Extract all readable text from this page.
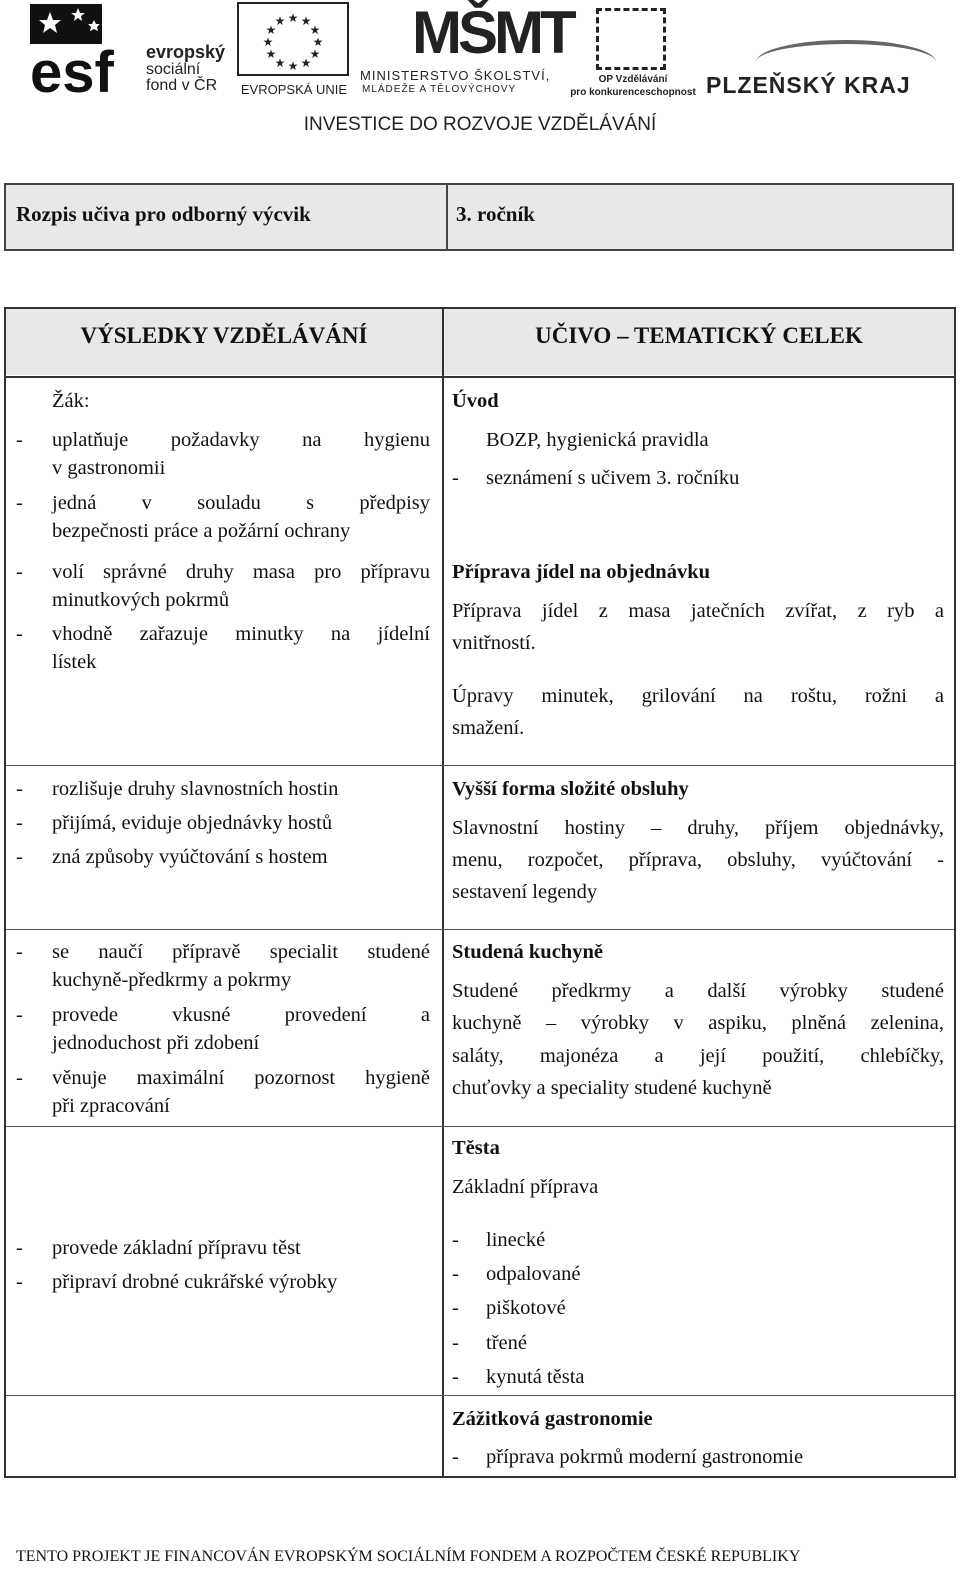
esf evropský
sociální
fond v ČR
★ ★
★
★
★
★
★
★
★
★
★
★
EVROPSKÁ UNIE
MŠMT
MINISTERSTVO ŠKOLSTVÍ,
MLÁDEŽE A TĚLOVÝCHOVY
OP Vzdělávání
pro konkurenceschopnost PLZEŇSKÝ KRAJ
INVESTICE DO ROZVOJE VZDĚLÁVÁNÍ
Rozpis učiva pro odborný výcvik	3. ročník
VÝSLEDKY VZDĚLÁVÁNÍ	UČIVO – TEMATICKÝ CELEK
Žák:
- uplatňuje požadavky na hygienu
v gastronomii
- jedná v souladu s předpisy
bezpečnosti práce a požární ochrany
Úvod
BOZP, hygienická pravidla
- seznámení s učivem 3. ročníku
- volí správné druhy masa pro přípravu
minutkových pokrmů
- vhodně zařazuje minutky na jídelní
lístek
Příprava jídel na objednávku
Příprava jídel z masa jatečních zvířat, z ryb a
vnitřností.
Úpravy minutek, grilování na roštu, rožni a
smažení.
- rozlišuje druhy slavnostních hostin
- přijímá, eviduje objednávky hostů
- zná způsoby vyúčtování s hostem
Vyšší forma složité obsluhy
Slavnostní hostiny – druhy, příjem objednávky,
menu, rozpočet, příprava, obsluhy, vyúčtování -
sestavení legendy
- se naučí přípravě specialit studené
kuchyně-předkrmy a pokrmy
- provede vkusné provedení a
jednoduchost při zdobení
- věnuje maximální pozornost hygieně
při zpracování
Studená kuchyně
Studené předkrmy a další výrobky studené
kuchyně – výrobky v aspiku, plněná zelenina,
saláty, majonéza a její použití, chlebíčky,
chuťovky a speciality studené kuchyně
- provede základní přípravu těst
- připraví drobné cukrářské výrobky
Těsta
Základní příprava
- linecké
- odpalované
- piškotové
- třené
- kynutá těsta
Zážitková gastronomie
- příprava pokrmů moderní gastronomie
TENTO PROJEKT JE FINANCOVÁN EVROPSKÝM SOCIÁLNÍM FONDEM A ROZPOČTEM ČESKÉ REPUBLIKY
